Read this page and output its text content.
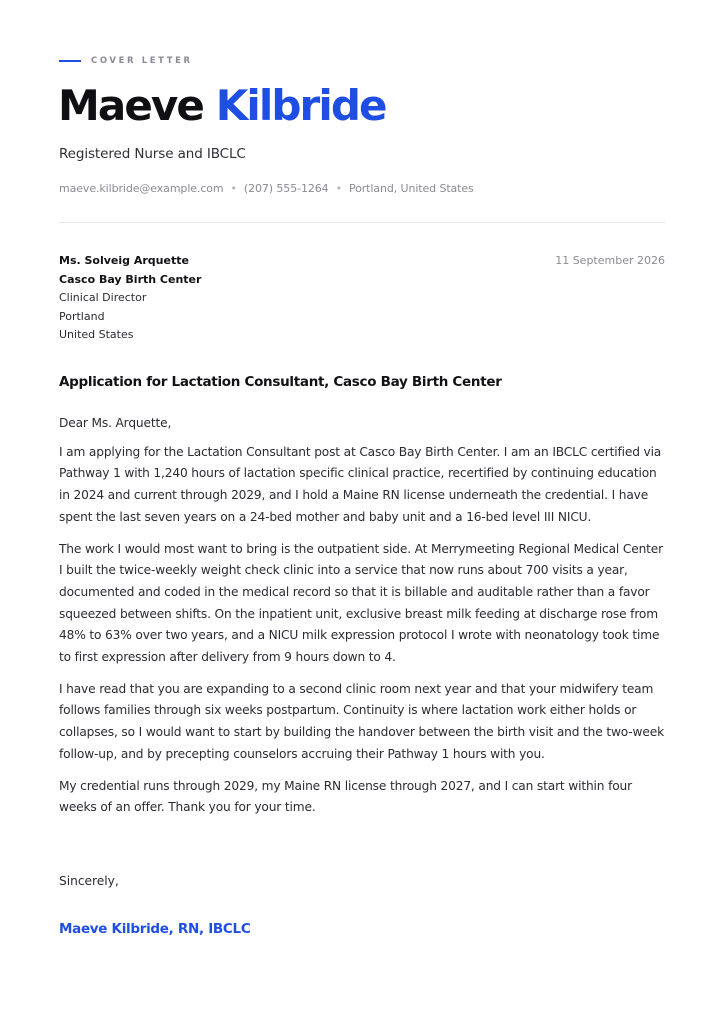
COVER LETTER
Maeve Kilbride
Registered Nurse and IBCLC
maeve.kilbride@example.com • (207) 555-1264 • Portland, United States
Ms. Solveig Arquette
Casco Bay Birth Center
Clinical Director
Portland
United States
11 September 2026
Application for Lactation Consultant, Casco Bay Birth Center

Dear Ms. Arquette,

I am applying for the Lactation Consultant post at Casco Bay Birth Center. I am an IBCLC certified via Pathway 1 with 1,240 hours of lactation specific clinical practice, recertified by continuing education in 2024 and current through 2029, and I hold a Maine RN license underneath the credential. I have spent the last seven years on a 24-bed mother and baby unit and a 16-bed level III NICU.

The work I would most want to bring is the outpatient side. At Merrymeeting Regional Medical Center I built the twice-weekly weight check clinic into a service that now runs about 700 visits a year, documented and coded in the medical record so that it is billable and auditable rather than a favor squeezed between shifts. On the inpatient unit, exclusive breast milk feeding at discharge rose from 48% to 63% over two years, and a NICU milk expression protocol I wrote with neonatology took time to first expression after delivery from 9 hours down to 4.

I have read that you are expanding to a second clinic room next year and that your midwifery team follows families through six weeks postpartum. Continuity is where lactation work either holds or collapses, so I would want to start by building the handover between the birth visit and the two-week follow-up, and by precepting counselors accruing their Pathway 1 hours with you.

My credential runs through 2029, my Maine RN license through 2027, and I can start within four weeks of an offer. Thank you for your time.

Sincerely,
Maeve Kilbride, RN, IBCLC
